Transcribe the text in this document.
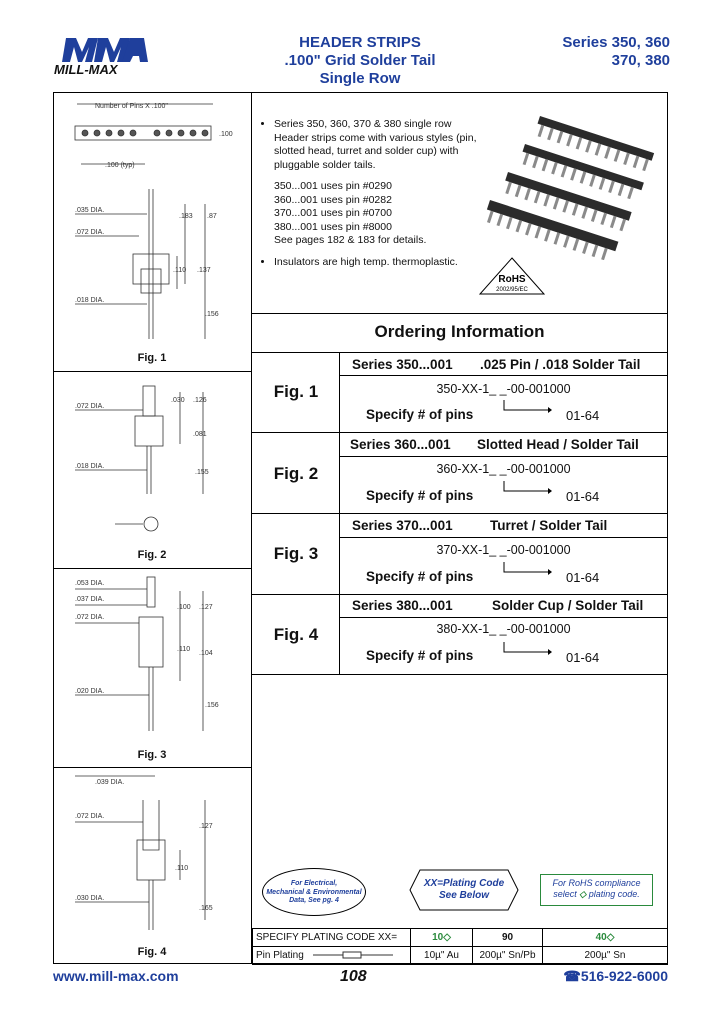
MILL-MAX
HEADER STRIPS
.100" Grid Solder Tail
Single Row
Series 350, 360
370, 380
Number of Pins X .100"
.100 (typ)
.035 DIA.
.072 DIA.
.018 DIA.
.183 .87
.110 .137
.156
.100
Fig. 1
.072 DIA.
.018 DIA.
.030 .126
.081
.155
Fig. 2
.053 DIA.
.037 DIA.
.072 DIA.
.020 DIA.
.100 .127
.110
.104
.156
Fig. 3
.039 DIA.
.072 DIA.
.030 DIA.
.127
.110
.165
Fig. 4
• Series 350, 360, 370 & 380 single row Header strips come with various styles (pin, slotted head, turret and solder cup) with pluggable solder tails.
350...001 uses pin #0290
360...001 uses pin #0282
370...001 uses pin #0700
380...001 uses pin #8000
See pages 182 & 183 for details.
• Insulators are high temp. thermoplastic.
RoHS
2002/95/EC
Ordering Information
Fig. 1
Series 350...001 .025 Pin / .018 Solder Tail
350-XX-1_ _-00-001000
Specify # of pins	01-64
Fig. 2
Series 360...001 Slotted Head / Solder Tail
360-XX-1_ _-00-001000
Specify # of pins	01-64
Fig. 3
Series 370...001	Turret / Solder Tail
370-XX-1_ _-00-001000
Specify # of pins	01-64
Fig. 4
Series 380...001	Solder Cup / Solder Tail
380-XX-1_ _-00-001000
Specify # of pins	01-64
For Electrical,
Mechanical & Environmental
Data, See pg. 4
XX=Plating Code
See Below
For RoHS compliance
select ◇ plating code.
SPECIFY PLATING CODE XX=	10◇	90	40◇
Pin Plating	10µ" Au	200µ" Sn/Pb	200µ" Sn
www.mill-max.com	108	☎516-922-6000
